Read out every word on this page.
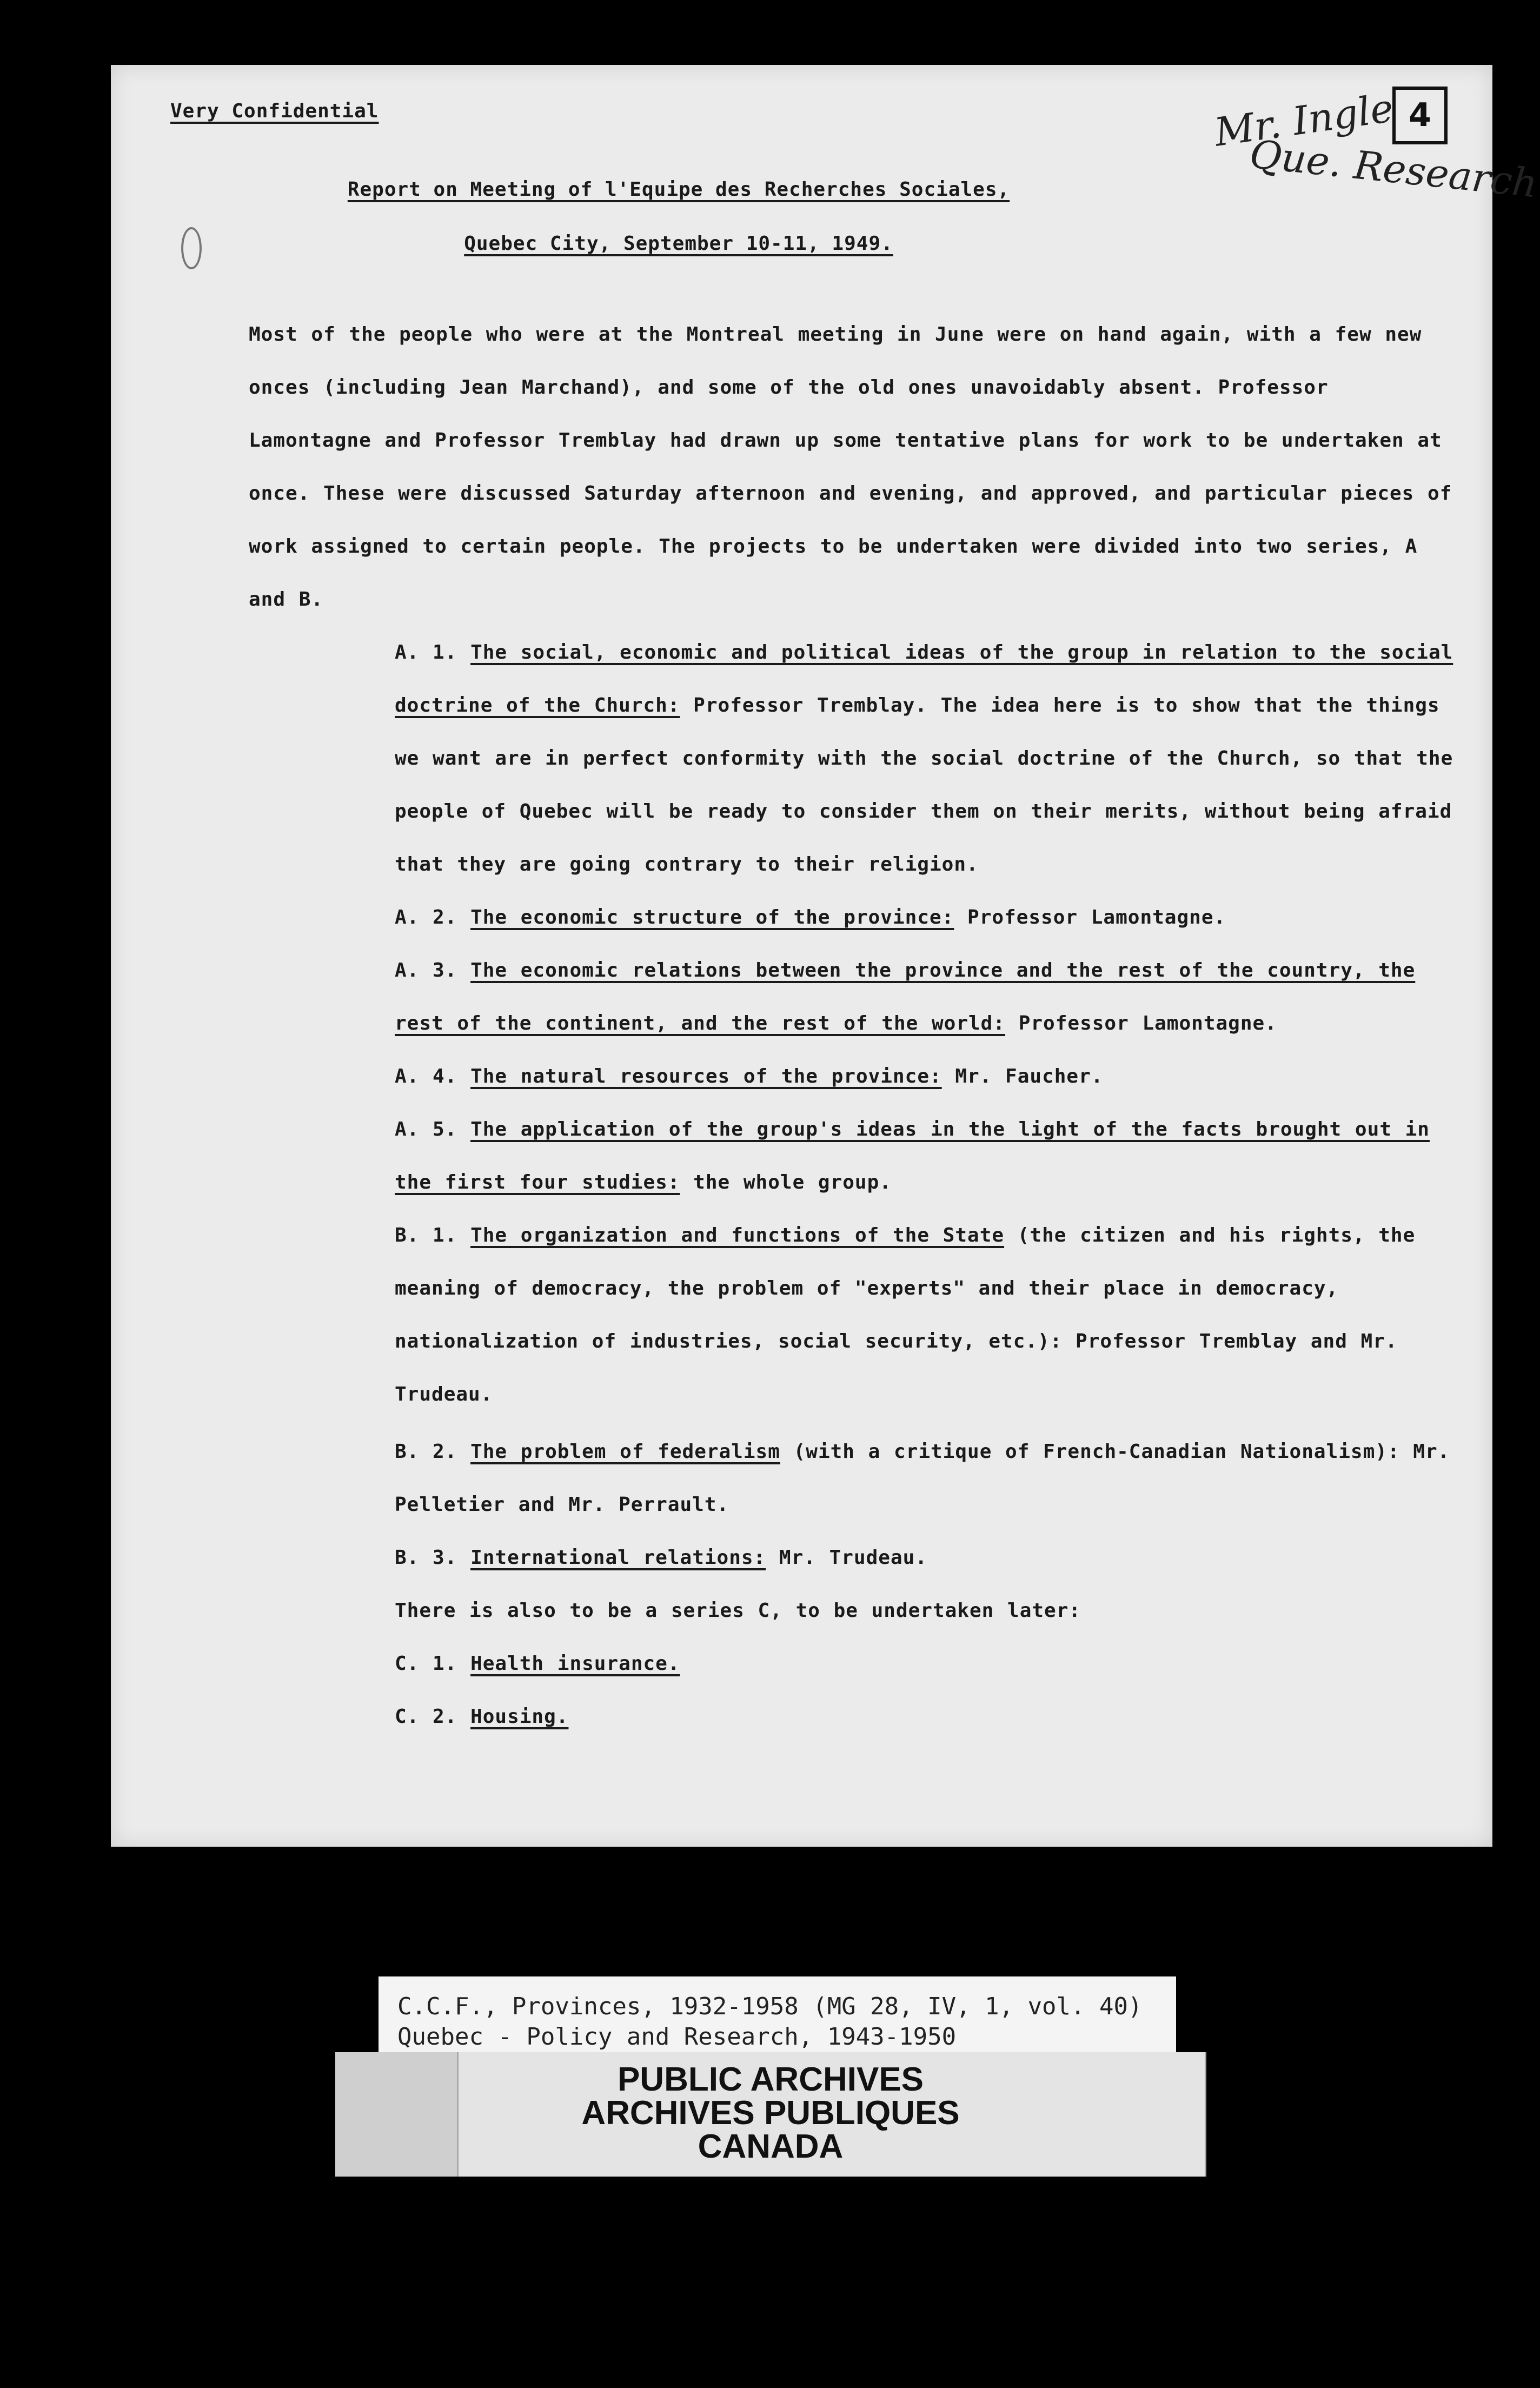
Very Confidential	Mr. Ingle
Que. Research
4
Report on Meeting of l'Equipe des Recherches Sociales,
Quebec City, September 10-11, 1949.

Most of the people who were at the Montreal meeting in June were on hand again, with a few new onces (including Jean Marchand), and some of the old ones unavoidably absent. Professor Lamontagne and Professor Tremblay had drawn up some tentative plans for work to be undertaken at once. These were discussed Saturday afternoon and evening, and approved, and particular pieces of work assigned to certain people. The projects to be undertaken were divided into two series, A and B.

A. 1. The social, economic and political ideas of the group in relation to the social doctrine of the Church: Professor Tremblay. The idea here is to show that the things we want are in perfect conformity with the social doctrine of the Church, so that the people of Quebec will be ready to consider them on their merits, without being afraid that they are going contrary to their religion.

A. 2. The economic structure of the province: Professor Lamontagne.

A. 3. The economic relations between the province and the rest of the country, the rest of the continent, and the rest of the world: Professor Lamontagne.

A. 4. The natural resources of the province: Mr. Faucher.

A. 5. The application of the group's ideas in the light of the facts brought out in the first four studies: the whole group.

B. 1. The organization and functions of the State (the citizen and his rights, the meaning of democracy, the problem of "experts" and their place in democracy, nationalization of industries, social security, etc.): Professor Tremblay and Mr. Trudeau.

B. 2. The problem of federalism (with a critique of French-Canadian Nationalism): Mr. Pelletier and Mr. Perrault.

B. 3. International relations: Mr. Trudeau.

There is also to be a series C, to be undertaken later:

C. 1. Health insurance.

C. 2. Housing.

C.C.F., Provinces, 1932-1958 (MG 28, IV, 1, vol. 40)
Quebec - Policy and Research, 1943-1950
PUBLIC ARCHIVES
ARCHIVES PUBLIQUES
CANADA
